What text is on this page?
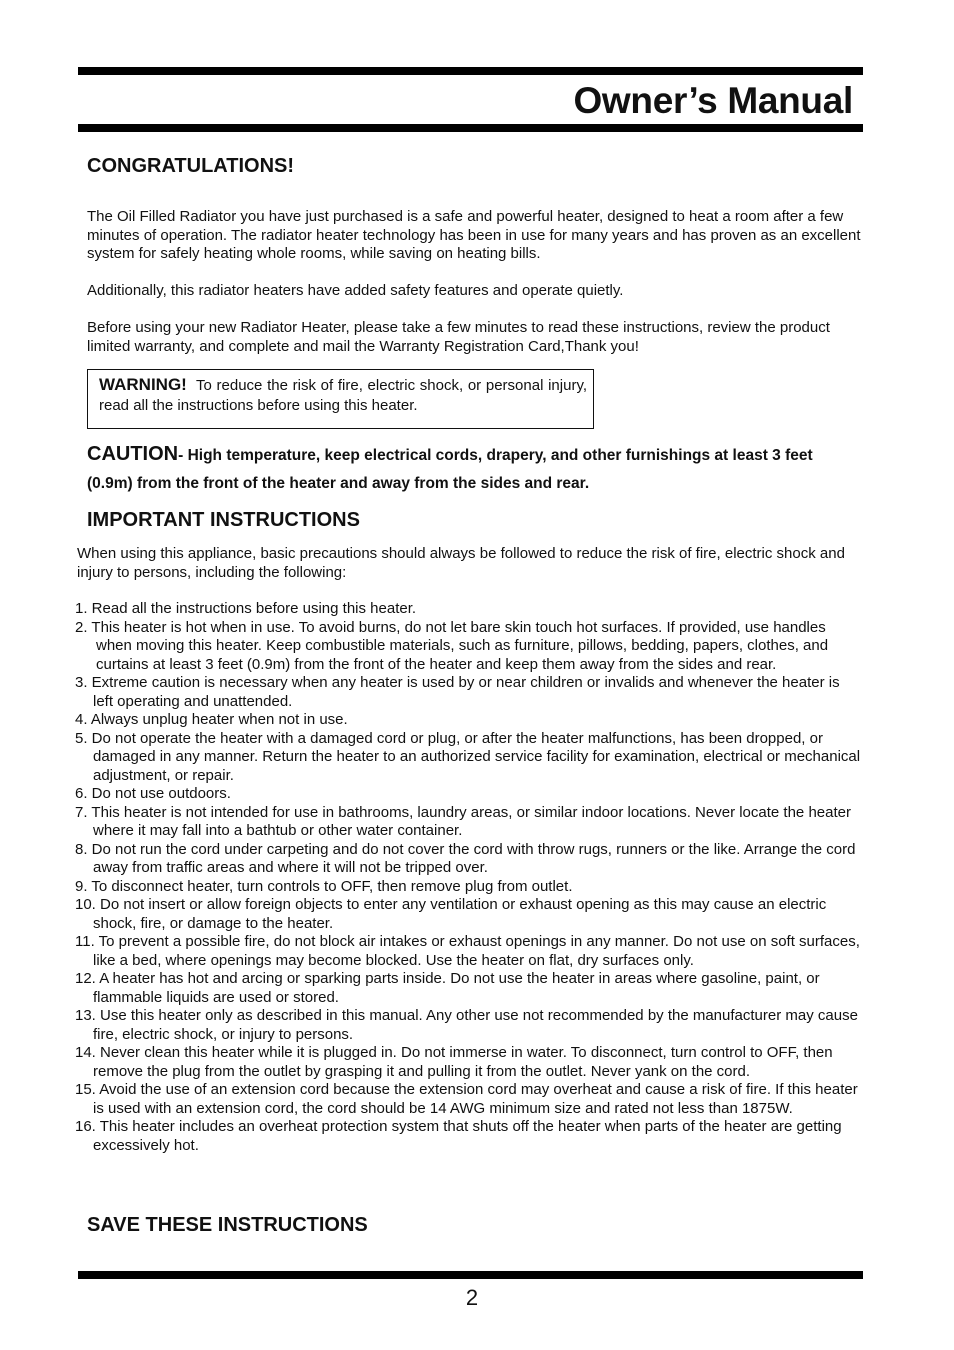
Owner’s Manual
CONGRATULATIONS!

The Oil Filled Radiator you have just purchased is a safe and powerful heater, designed to heat a room after a few minutes of operation. The radiator heater technology has been in use for many years and has proven as an excellent system for safely heating whole rooms, while saving on heating bills.

Additionally, this radiator heaters have added safety features and operate quietly.

Before using your new Radiator Heater, please take a few minutes to read these instructions, review the product limited warranty, and complete and mail the Warranty Registration Card,Thank you!

WARNING! To reduce the risk of fire, electric shock, or personal injury, read all the instructions before using this heater.

CAUTION- High temperature, keep electrical cords, drapery, and other furnishings at least 3 feet (0.9m) from the front of the heater and away from the sides and rear.

IMPORTANT INSTRUCTIONS

When using this appliance, basic precautions should always be followed to reduce the risk of fire, electric shock and injury to persons, including the following:

1. Read all the instructions before using this heater.
2. This heater is hot when in use. To avoid burns, do not let bare skin touch hot surfaces. If provided, use handles when moving this heater. Keep combustible materials, such as furniture, pillows, bedding, papers, clothes, and curtains at least 3 feet (0.9m) from the front of the heater and keep them away from the sides and rear.
3. Extreme caution is necessary when any heater is used by or near children or invalids and whenever the heater is left operating and unattended.
4. Always unplug heater when not in use.
5. Do not operate the heater with a damaged cord or plug, or after the heater malfunctions, has been dropped, or damaged in any manner. Return the heater to an authorized service facility for examination, electrical or mechanical adjustment, or repair.
6. Do not use outdoors.
7. This heater is not intended for use in bathrooms, laundry areas, or similar indoor locations. Never locate the heater where it may fall into a bathtub or other water container.
8. Do not run the cord under carpeting and do not cover the cord with throw rugs, runners or the like. Arrange the cord away from traffic areas and where it will not be tripped over.
9. To disconnect heater, turn controls to OFF, then remove plug from outlet.
10. Do not insert or allow foreign objects to enter any ventilation or exhaust opening as this may cause an electric shock, fire, or damage to the heater.
11. To prevent a possible fire, do not block air intakes or exhaust openings in any manner. Do not use on soft surfaces, like a bed, where openings may become blocked. Use the heater on flat, dry surfaces only.
12. A heater has hot and arcing or sparking parts inside. Do not use the heater in areas where gasoline, paint, or flammable liquids are used or stored.
13. Use this heater only as described in this manual. Any other use not recommended by the manufacturer may cause fire, electric shock, or injury to persons.
14. Never clean this heater while it is plugged in. Do not immerse in water. To disconnect, turn control to OFF, then remove the plug from the outlet by grasping it and pulling it from the outlet. Never yank on the cord.
15. Avoid the use of an extension cord because the extension cord may overheat and cause a risk of fire. If this heater is used with an extension cord, the cord should be 14 AWG minimum size and rated not less than 1875W.
16. This heater includes an overheat protection system that shuts off the heater when parts of the heater are getting excessively hot.
SAVE THESE INSTRUCTIONS
2
